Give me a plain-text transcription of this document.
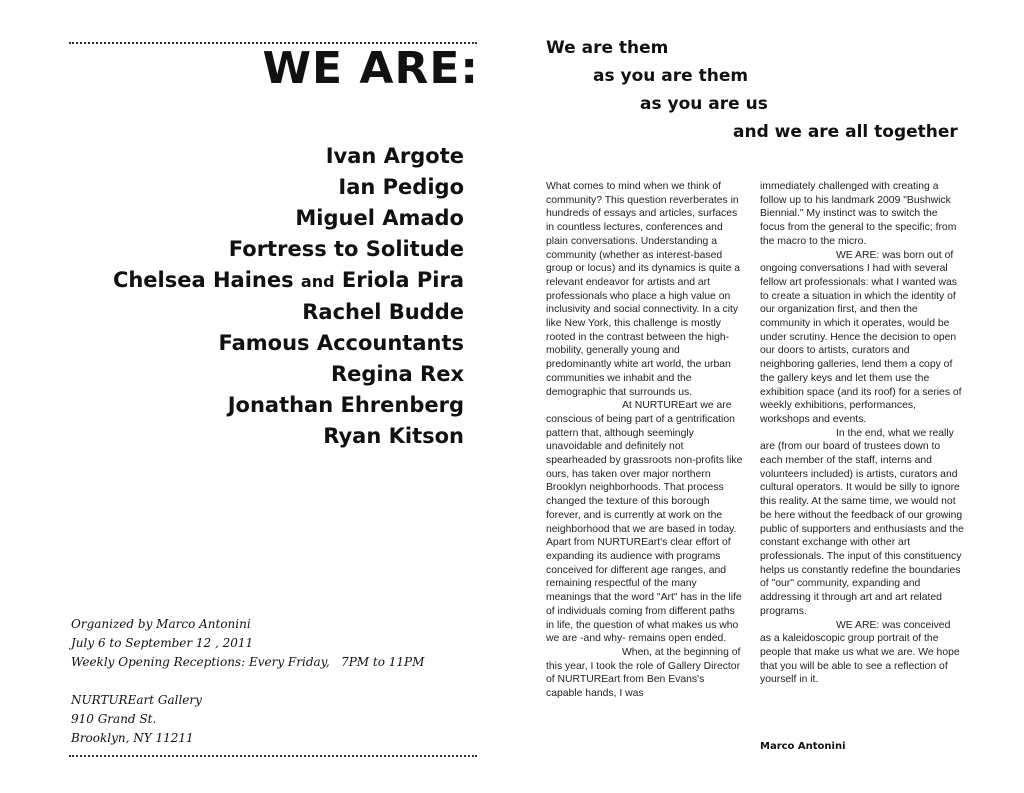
WE ARE:
Ivan Argote
Ian Pedigo
Miguel Amado
Fortress to Solitude
Chelsea Haines and Eriola Pira
Rachel Budde
Famous Accountants
Regina Rex
Jonathan Ehrenberg
Ryan Kitson
Organized by Marco Antonini
July 6 to September 12 , 2011
Weekly Opening Receptions: Every Friday,   7PM to 11PM
NURTUREart Gallery
910 Grand St.
Brooklyn, NY 11211
We are them
as you are them
as you are us
and we are all together

What comes to mind when we think of community? This question reverberates in hundreds of essays and articles, surfaces in countless lectures, conferences and plain conversations. Understanding a community (whether as interest-based group or locus) and its dynamics is quite a relevant endeavor for artists and art professionals who place a high value on inclusivity and social connectivity. In a city like New York, this challenge is mostly rooted in the contrast between the high-mobility, generally young and predominantly white art world, the urban communities we inhabit and the demographic that surrounds us.

At NURTUREart we are conscious of being part of a gentrification pattern that, although seemingly unavoidable and definitely not spearheaded by grassroots non-profits like ours, has taken over major northern Brooklyn neighborhoods. That process changed the texture of this borough forever, and is currently at work on the neighborhood that we are based in today. Apart from NURTUREart's clear effort of expanding its audience with programs conceived for different age ranges, and remaining respectful of the many meanings that the word "Art" has in the life of individuals coming from different paths in life, the question of what makes us who we are -and why- remains open ended.

When, at the beginning of this year, I took the role of Gallery Director of NURTUREart from Ben Evans's capable hands, I was

immediately challenged with creating a follow up to his landmark 2009 "Bushwick Biennial." My instinct was to switch the focus from the general to the specific; from the macro to the micro.

WE ARE: was born out of ongoing conversations I had with several fellow art professionals: what I wanted was to create a situation in which the identity of our organization first, and then the community in which it operates, would be under scrutiny. Hence the decision to open our doors to artists, curators and neighboring galleries, lend them a copy of the gallery keys and let them use the exhibition space (and its roof) for a series of weekly exhibitions, performances, workshops and events.

In the end, what we really are (from our board of trustees down to each member of the staff, interns and volunteers included) is artists, curators and cultural operators. It would be silly to ignore this reality. At the same time, we would not be here without the feedback of our growing public of supporters and enthusiasts and the constant exchange with other art professionals. The input of this constituency helps us constantly redefine the boundaries of "our" community, expanding and addressing it through art and art related programs.

WE ARE: was conceived as a kaleidoscopic group portrait of the people that make us what we are. We hope that you will be able to see a reflection of yourself in it.

Marco Antonini
